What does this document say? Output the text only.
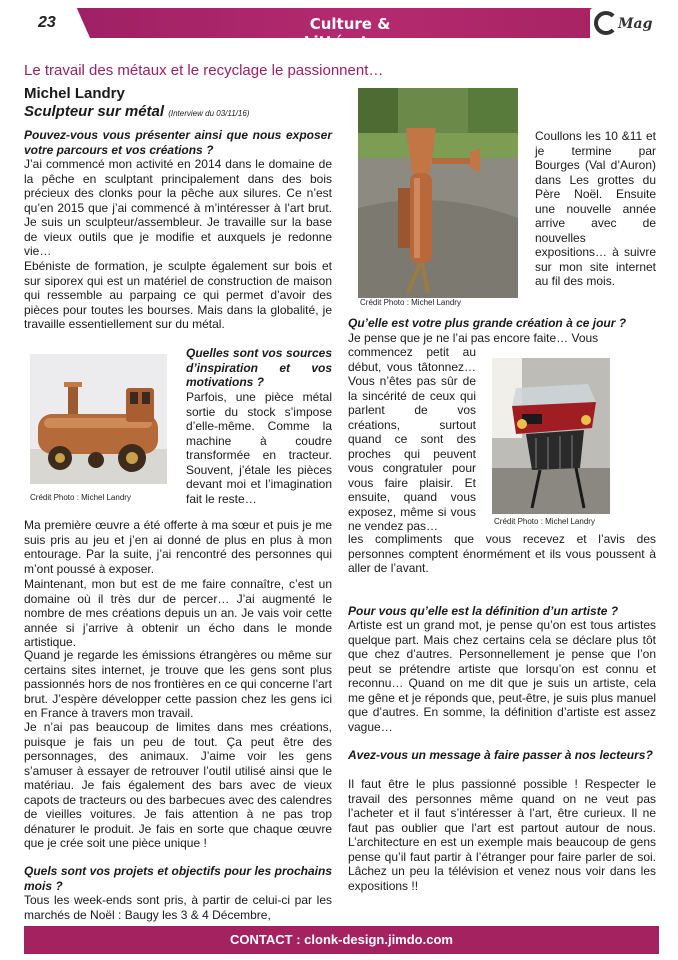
23	Culture & Littérature
Mag
Le travail des métaux et le recyclage le passionnent…
Michel Landry
Sculpteur sur métal (Interview du 03/11/16)
Pouvez-vous vous présenter ainsi que nous exposer votre parcours et vos créations ?
J’ai commencé mon activité en 2014 dans le domaine de la pêche en sculptant principalement dans des bois précieux des clonks pour la pêche aux silures. Ce n’est qu’en 2015 que j’ai commencé à m’intéresser à l’art brut. Je suis un sculpteur/assembleur. Je travaille sur la base de vieux outils que je modifie et auxquels je redonne vie…
Ebéniste de formation, je sculpte également sur bois et sur siporex qui est un matériel de construction de maison qui ressemble au parpaing ce qui permet d’avoir des pièces pour toutes les bourses. Mais dans la globalité, je travaille essentiellement sur du métal.
Crédit Photo : Michel Landry
Quelles sont vos sources d’inspiration et vos motivations ?
Parfois, une pièce métal sortie du stock s’impose d’elle-même. Comme la machine à coudre transformée en tracteur. Souvent, j’étale les pièces devant moi et l’imagination fait le reste…
Ma première œuvre a été offerte à ma sœur et puis je me suis pris au jeu et j’en ai donné de plus en plus à mon entourage. Par la suite, j’ai rencontré des personnes qui m’ont poussé à exposer.
Maintenant, mon but est de me faire connaître, c’est un domaine où il très dur de percer… J’ai augmenté le nombre de mes créations depuis un an. Je vais voir cette année si j’arrive à obtenir un écho dans le monde artistique.
Quand je regarde les émissions étrangères ou même sur certains sites internet, je trouve que les gens sont plus passionnés hors de nos frontières en ce qui concerne l’art brut. J’espère développer cette passion chez les gens ici en France à travers mon travail.
Je n’ai pas beaucoup de limites dans mes créations, puisque je fais un peu de tout. Ça peut être des personnages, des animaux. J’aime voir les gens s’amuser à essayer de retrouver l’outil utilisé ainsi que le matériau. Je fais également des bars avec de vieux capots de tracteurs ou des barbecues avec des calendres de vieilles voitures. Je fais attention à ne pas trop dénaturer le produit. Je fais en sorte que chaque œuvre que je crée soit une pièce unique !
Quels sont vos projets et objectifs pour les prochains mois ?
Tous les week-ends sont pris, à partir de celui-ci par les marchés de Noël : Baugy les 3 & 4 Décembre,
Crédit Photo : Michel Landry
Coullons les 10 &11 et je termine par Bourges (Val d’Auron) dans Les grottes du Père Noël. Ensuite une nouvelle année arrive avec de nouvelles expositions… à suivre sur mon site internet au fil des mois.
Qu’elle est votre plus grande création à ce jour ?
Je pense que je ne l’ai pas encore faite… Vous
commencez petit au début, vous tâtonnez… Vous n’êtes pas sûr de la sincérité de ceux qui parlent de vos créations, surtout quand ce sont des proches qui peuvent vous congratuler pour vous faire plaisir. Et ensuite, quand vous exposez, même si vous ne vendez pas…	Crédit Photo : Michel Landry
les compliments que vous recevez et l’avis des personnes comptent énormément et ils vous poussent à aller de l’avant.
Pour vous qu’elle est la définition d’un artiste ?
Artiste est un grand mot, je pense qu’on est tous artistes quelque part. Mais chez certains cela se déclare plus tôt que chez d’autres. Personnellement je pense que l’on peut se prétendre artiste que lorsqu’on est connu et reconnu… Quand on me dit que je suis un artiste, cela me gêne et je réponds que, peut-être, je suis plus manuel que d’autres. En somme, la définition d’artiste est assez vague…
Avez-vous un message à faire passer à nos lecteurs?
Il faut être le plus passionné possible ! Respecter le travail des personnes même quand on ne veut pas l’acheter et il faut s’intéresser à l’art, être curieux. Il ne faut pas oublier que l’art est partout autour de nous. L’architecture en est un exemple mais beaucoup de gens pense qu’il faut partir à l’étranger pour faire parler de soi. Lâchez un peu la télévision et venez nous voir dans les expositions !!
CONTACT : clonk-design.jimdo.com
